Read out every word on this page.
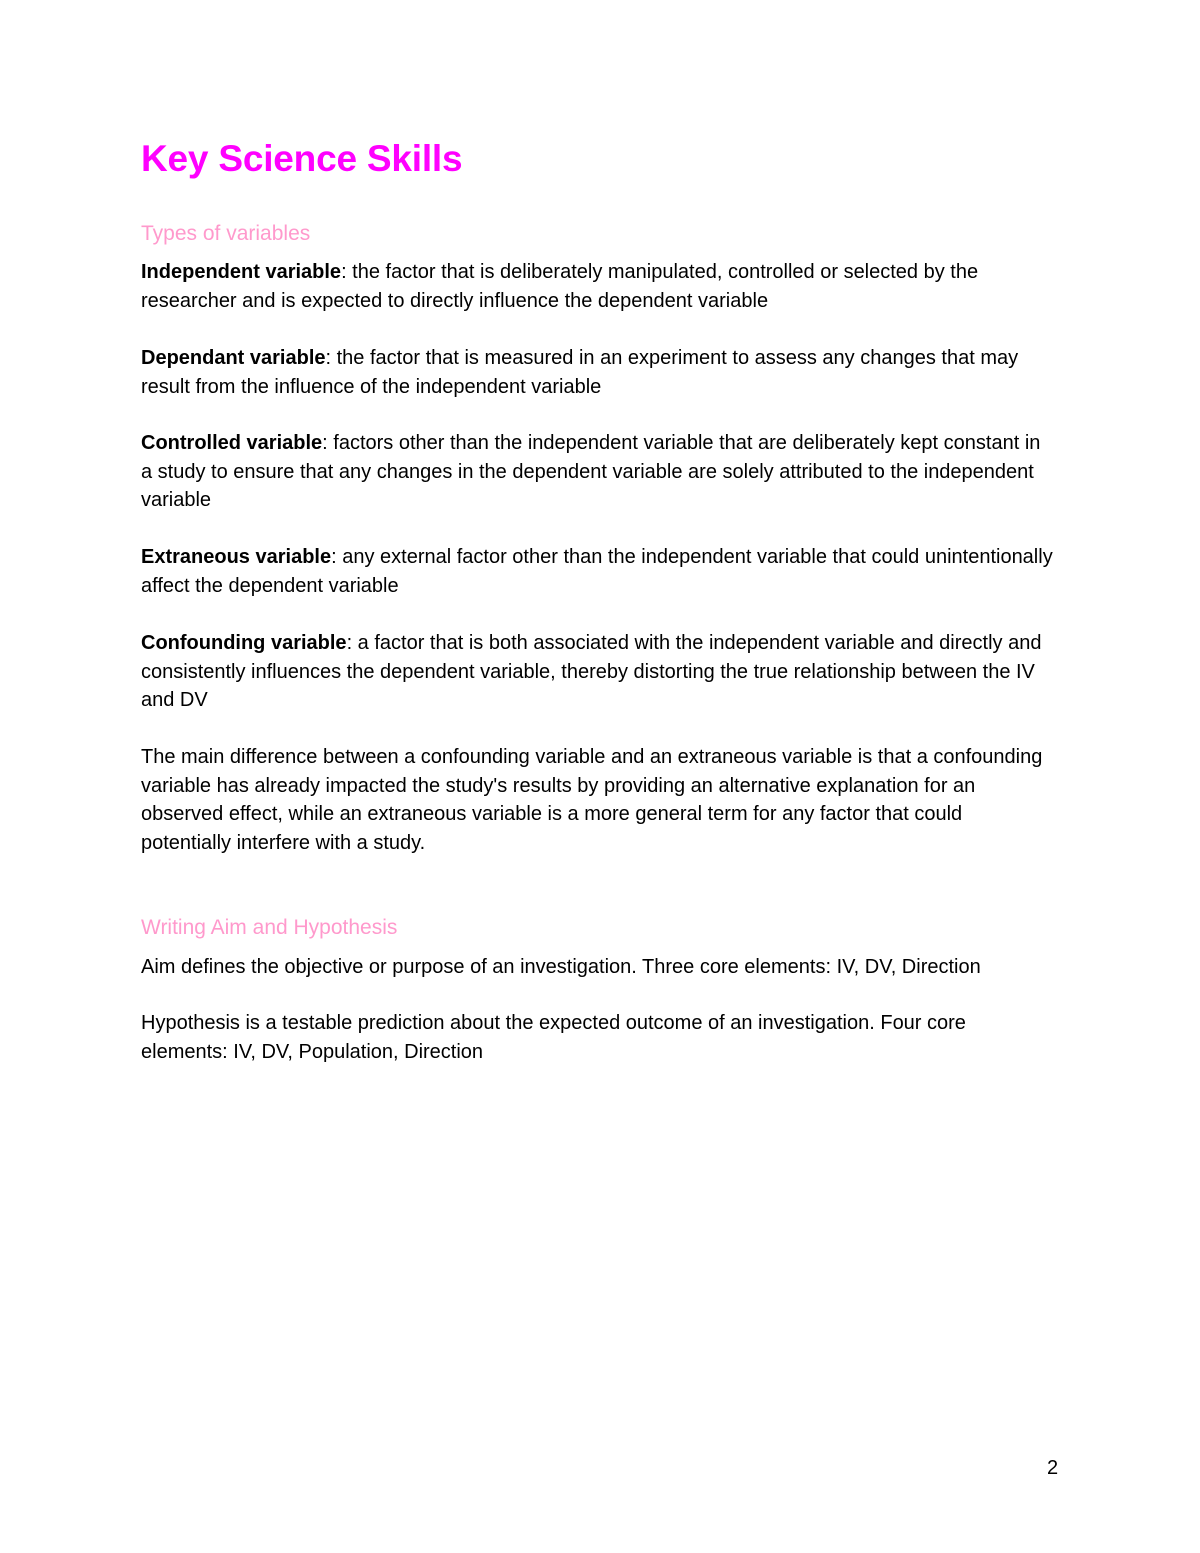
Key Science Skills
Types of variables

Independent variable: the factor that is deliberately manipulated, controlled or selected by the researcher and is expected to directly influence the dependent variable

Dependant variable: the factor that is measured in an experiment to assess any changes that may result from the influence of the independent variable

Controlled variable: factors other than the independent variable that are deliberately kept constant in a study to ensure that any changes in the dependent variable are solely attributed to the independent variable

Extraneous variable: any external factor other than the independent variable that could unintentionally affect the dependent variable

Confounding variable: a factor that is both associated with the independent variable and directly and consistently influences the dependent variable, thereby distorting the true relationship between the IV and DV

The main difference between a confounding variable and an extraneous variable is that a confounding variable has already impacted the study's results by providing an alternative explanation for an observed effect, while an extraneous variable is a more general term for any factor that could potentially interfere with a study.

Writing Aim and Hypothesis

Aim defines the objective or purpose of an investigation. Three core elements: IV, DV, Direction

Hypothesis is a testable prediction about the expected outcome of an investigation. Four core elements: IV, DV, Population, Direction

2
